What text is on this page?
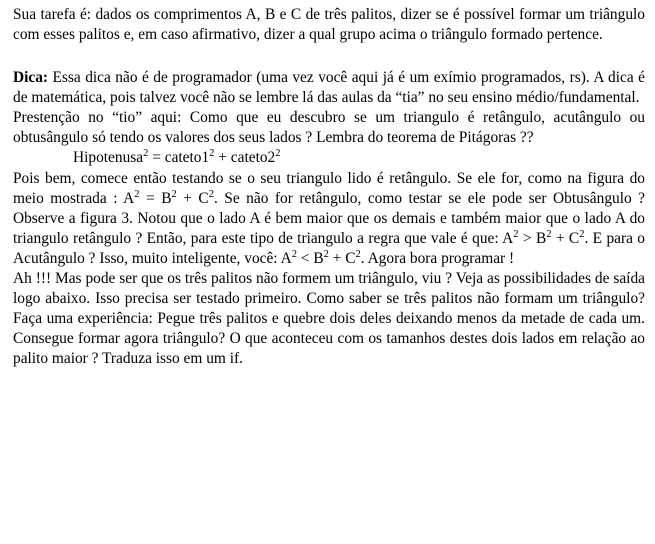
Sua tarefa é: dados os comprimentos A, B e C de três palitos, dizer se é possível formar um triângulo com esses palitos e, em caso afirmativo, dizer a qual grupo acima o triângulo formado pertence.

Dica: Essa dica não é de programador (uma vez você aqui já é um exímio programados, rs). A dica é de matemática, pois talvez você não se lembre lá das aulas da “tia” no seu ensino médio/fundamental.

Prestenção no “tio” aqui: Como que eu descubro se um triangulo é retângulo, acutângulo ou obtusângulo só tendo os valores dos seus lados ? Lembra do teorema de Pitágoras ??

Hipotenusa$^2$ = $cateto1^2$ + $cateto2^2$

Pois bem, comece então testando se o seu triangulo lido é retângulo. Se ele for, como na figura do meio mostrada : $A^2 = B^2 + C^2$. Se não for retângulo, como testar se ele pode ser Obtusângulo ? Observe a figura 3. Notou que o lado A é bem maior que os demais e também maior que o lado A do triangulo retângulo ? Então, para este tipo de triangulo a regra que vale é que: $A^2 > B^2 + C^2$. E para o Acutângulo ? Isso, muito inteligente, você: $A^2 < B^2 + C^2$. Agora bora programar !

Ah !!! Mas pode ser que os três palitos não formem um triângulo, viu ? Veja as possibilidades de saída logo abaixo. Isso precisa ser testado primeiro. Como saber se três palitos não formam um triângulo? Faça uma experiência: Pegue três palitos e quebre dois deles deixando menos da metade de cada um. Consegue formar agora triângulo? O que aconteceu com os tamanhos destes dois lados em relação ao palito maior ? Traduza isso em um if.
